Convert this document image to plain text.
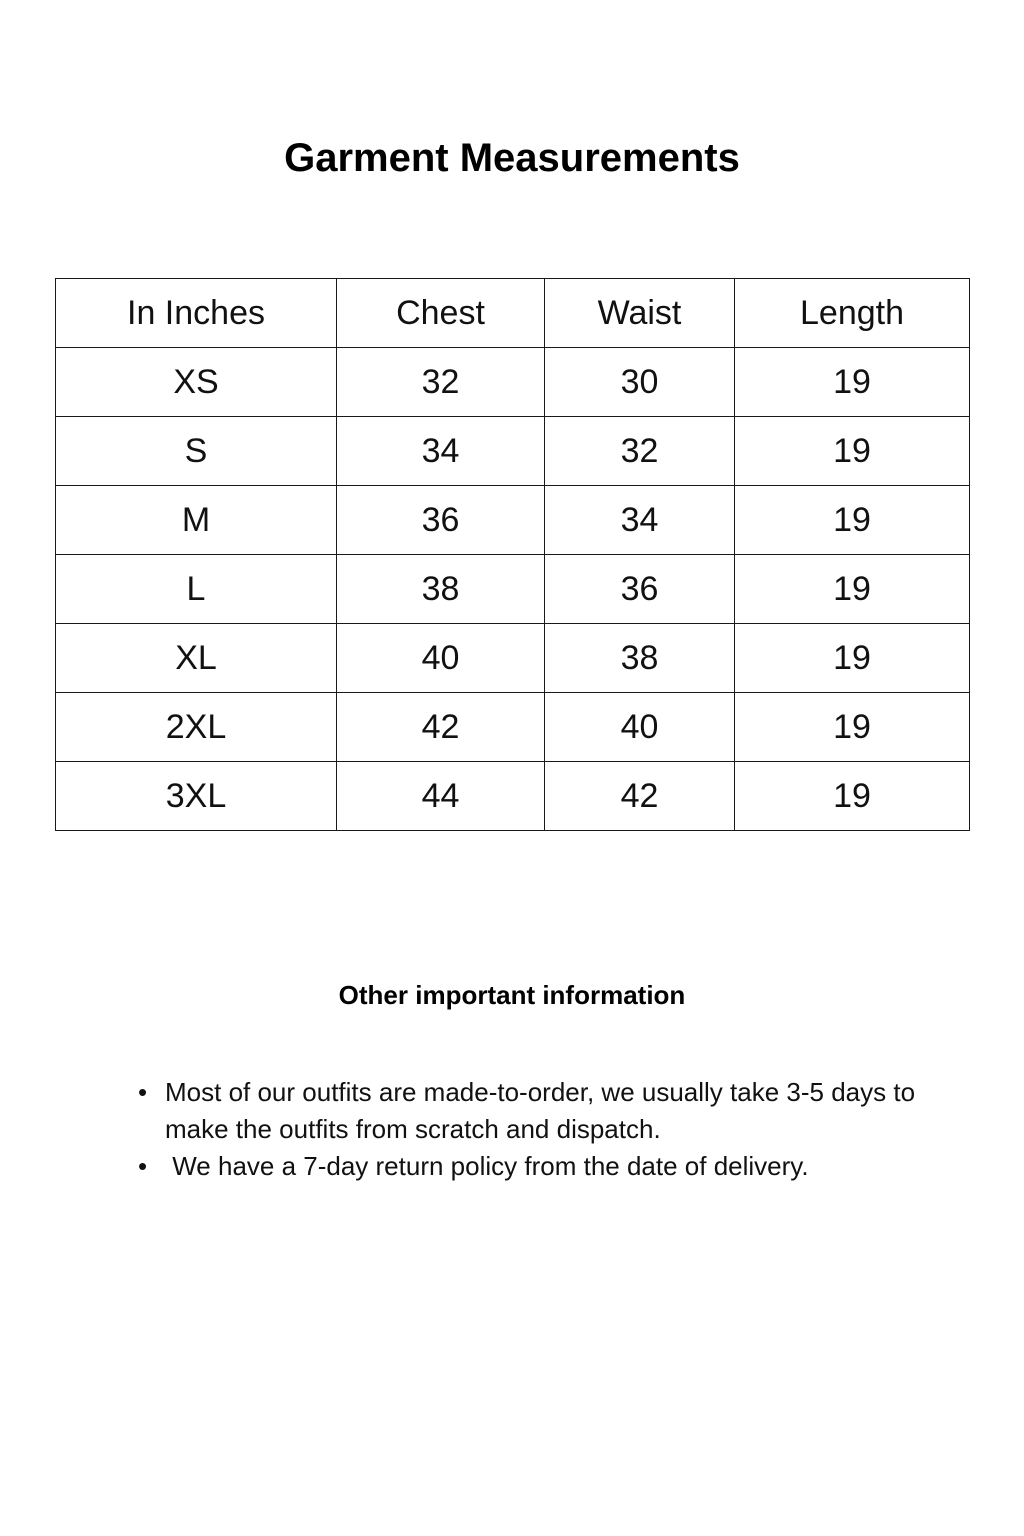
Garment Measurements
In Inches	Chest	Waist	Length
XS	32	30	19
S	34	32	19
M	36	34	19
L	38	36	19
XL	40	38	19
2XL	42	40	19
3XL	44	42	19
Other important information
• Most of our outfits are made-to-order, we usually take 3-5 days to make the outfits from scratch and dispatch.
• We have a 7-day return policy from the date of delivery.
